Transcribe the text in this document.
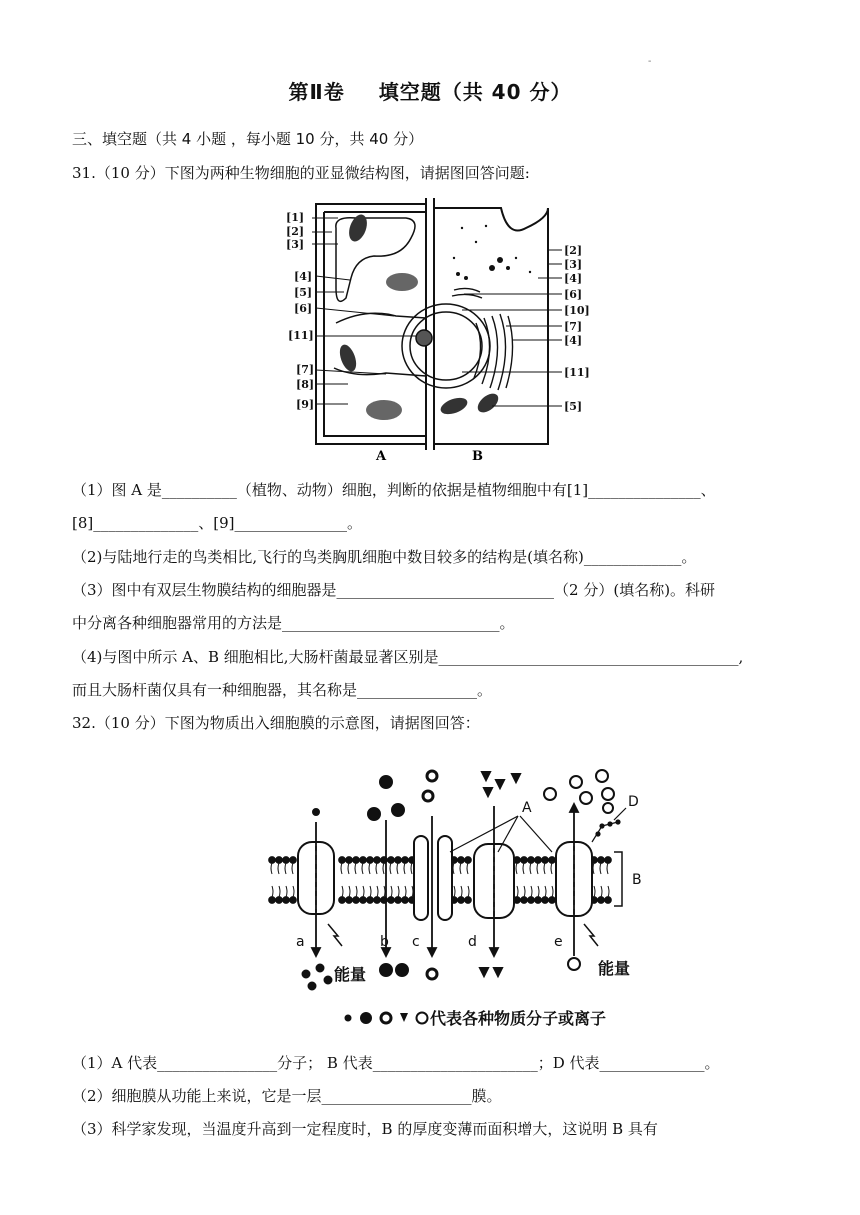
-
第Ⅱ卷 填空题（共 40 分）
三、填空题（共 4 小题 ，每小题 10 分，共 40 分）
31.（10 分）下图为两种生物细胞的亚显微结构图，请据图回答问题:
[1]
[2]
[3]
[4]
[5]
[6]
[11]
[7]
[8]
[9]
[2]
[3]
[4]
[6]
[10]
[7]
[4]
[11]
[5]
A	B
（1）图 A 是__________（植物、动物）细胞，判断的依据是植物细胞中有[1]_______________、
[8]______________、[9]_______________。
（2)与陆地行走的鸟类相比,飞行的鸟类胸肌细胞中数目较多的结构是(填名称)_____________。
（3）图中有双层生物膜结构的细胞器是_____________________________（2 分）(填名称)。科研
中分离各种细胞器常用的方法是_____________________________。
（4)与图中所示 A、B 细胞相比,大肠杆菌最显著区别是________________________________________,
而且大肠杆菌仅具有一种细胞器，其名称是________________。
32.（10 分）下图为物质出入细胞膜的示意图，请据图回答：
a	b c	d	e
A
B
D
能量	能量
代表各种物质分子或离子
（1）A 代表________________分子； B 代表______________________；D 代表______________。
（2）细胞膜从功能上来说，它是一层____________________膜。
（3）科学家发现，当温度升高到一定程度时，B 的厚度变薄而面积增大，这说明 B 具有
